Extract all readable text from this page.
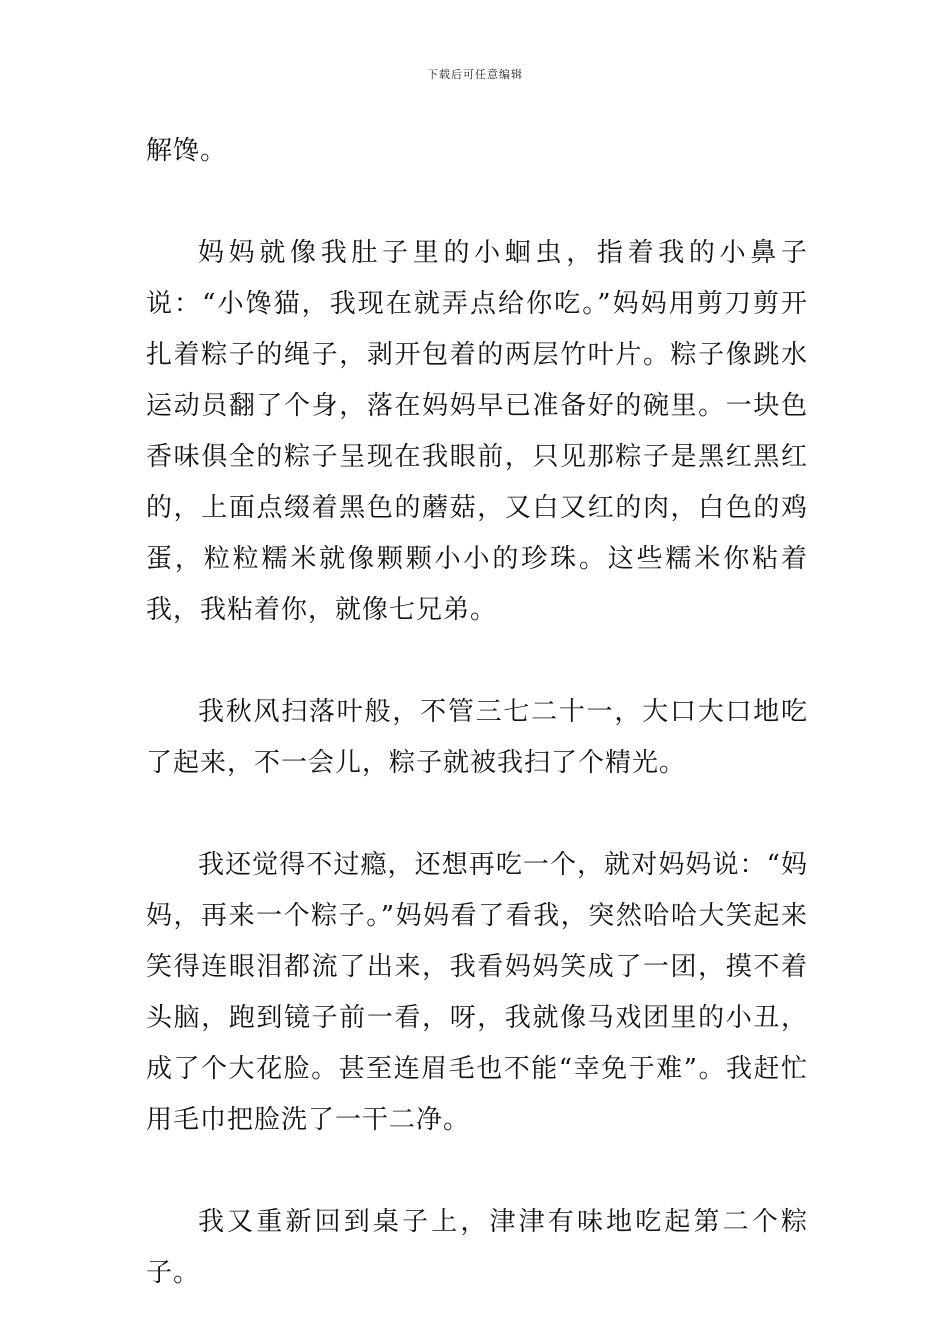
下载后可任意编辑

解馋。

妈妈就像我肚子里的小蛔虫，指着我的小鼻子说：“小馋猫，我现在就弄点给你吃。”妈妈用剪刀剪开扎着粽子的绳子，剥开包着的两层竹叶片。粽子像跳水运动员翻了个身，落在妈妈早已准备好的碗里。一块色香味俱全的粽子呈现在我眼前，只见那粽子是黑红黑红的，上面点缀着黑色的蘑菇，又白又红的肉，白色的鸡蛋，粒粒糯米就像颗颗小小的珍珠。这些糯米你粘着我，我粘着你，就像七兄弟。

我秋风扫落叶般，不管三七二十一，大口大口地吃了起来，不一会儿，粽子就被我扫了个精光。

我还觉得不过瘾，还想再吃一个，就对妈妈说：“妈妈，再来一个粽子。”妈妈看了看我，突然哈哈大笑起来笑得连眼泪都流了出来，我看妈妈笑成了一团，摸不着头脑，跑到镜子前一看，呀，我就像马戏团里的小丑，成了个大花脸。甚至连眉毛也不能“幸免于难”。我赶忙用毛巾把脸洗了一干二净。

我又重新回到桌子上，津津有味地吃起第二个粽子。
